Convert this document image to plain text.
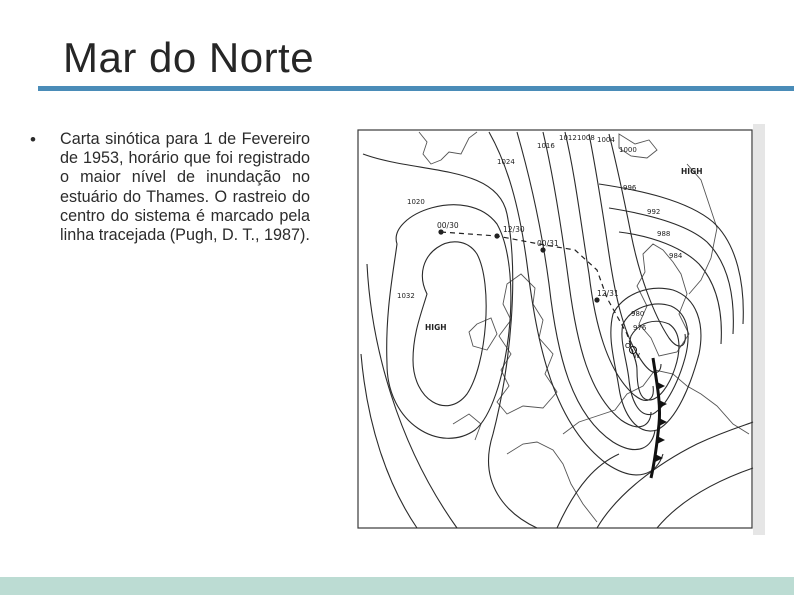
Mar do Norte
• Carta sinótica para 1 de Fevereiro de 1953, horário que foi registrado o maior nível de inundação no estuário do Thames. O rastreio do centro do sistema é marcado pela linha tracejada (Pugh, D. T., 1987).
00/30	12/30
00/31
12/31
1012 1008 1004
1000
1016
1024
1020
996
992
988
984
1032
980
976
HIGH
HIGH
O
W
